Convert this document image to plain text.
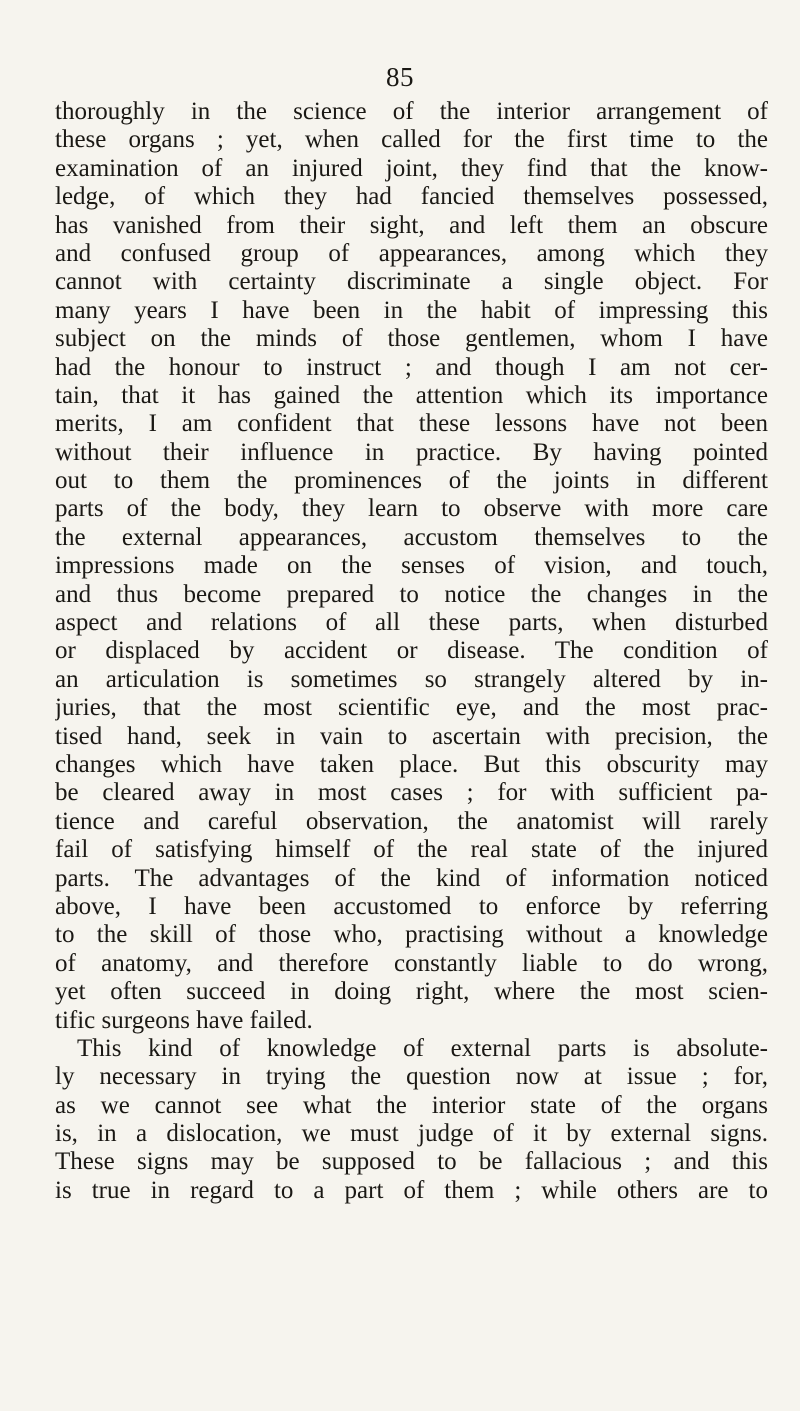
85
thoroughly in the science of the interior arrangement of
these organs ; yet, when called for the first time to the
examination of an injured joint, they find that the know-
ledge, of which they had fancied themselves possessed,
has vanished from their sight, and left them an obscure
and confused group of appearances, among which they
cannot with certainty discriminate a single object. For
many years I have been in the habit of impressing this
subject on the minds of those gentlemen, whom I have
had the honour to instruct ; and though I am not cer-
tain, that it has gained the attention which its importance
merits, I am confident that these lessons have not been
without their influence in practice. By having pointed
out to them the prominences of the joints in different
parts of the body, they learn to observe with more care
the external appearances, accustom themselves to the
impressions made on the senses of vision, and touch,
and thus become prepared to notice the changes in the
aspect and relations of all these parts, when disturbed
or displaced by accident or disease. The condition of
an articulation is sometimes so strangely altered by in-
juries, that the most scientific eye, and the most prac-
tised hand, seek in vain to ascertain with precision, the
changes which have taken place. But this obscurity may
be cleared away in most cases ; for with sufficient pa-
tience and careful observation, the anatomist will rarely
fail of satisfying himself of the real state of the injured
parts. The advantages of the kind of information noticed
above, I have been accustomed to enforce by referring
to the skill of those who, practising without a knowledge
of anatomy, and therefore constantly liable to do wrong,
yet often succeed in doing right, where the most scien-
tific surgeons have failed.
This kind of knowledge of external parts is absolute-
ly necessary in trying the question now at issue ; for,
as we cannot see what the interior state of the organs
is, in a dislocation, we must judge of it by external signs.
These signs may be supposed to be fallacious ; and this
is true in regard to a part of them ; while others are to
